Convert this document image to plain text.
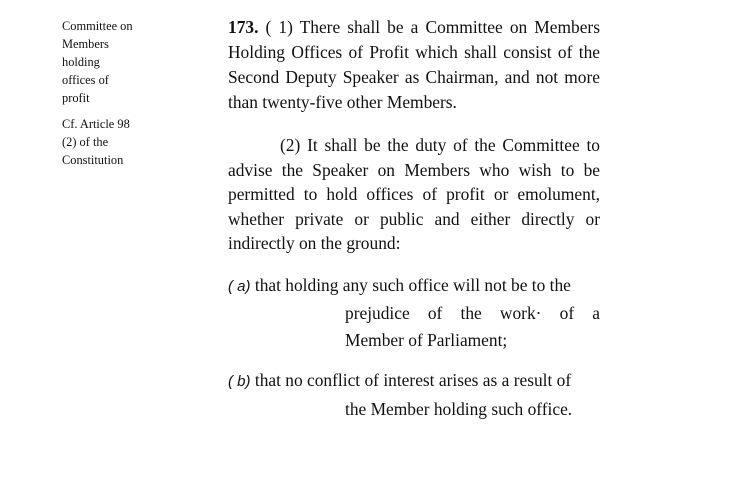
Committee on
Members
holding
offices of
profit

Cf. Article 98
(2) of the
Constitution

173. ( 1) There shall be a Committee on Members Holding Offices of Profit which shall consist of the Second Deputy Speaker as Chairman, and not more than twenty-five other Members.

(2) It shall be the duty of the Committee to advise the Speaker on Members who wish to be permitted to hold offices of profit or emolument, whether private or public and either directly or indirectly on the ground:

( a) that holding any such office will not be to the
prejudice of the work· of a
Member of Parliament;
( b) that no conflict of interest arises as a result of
the Member holding such office.
